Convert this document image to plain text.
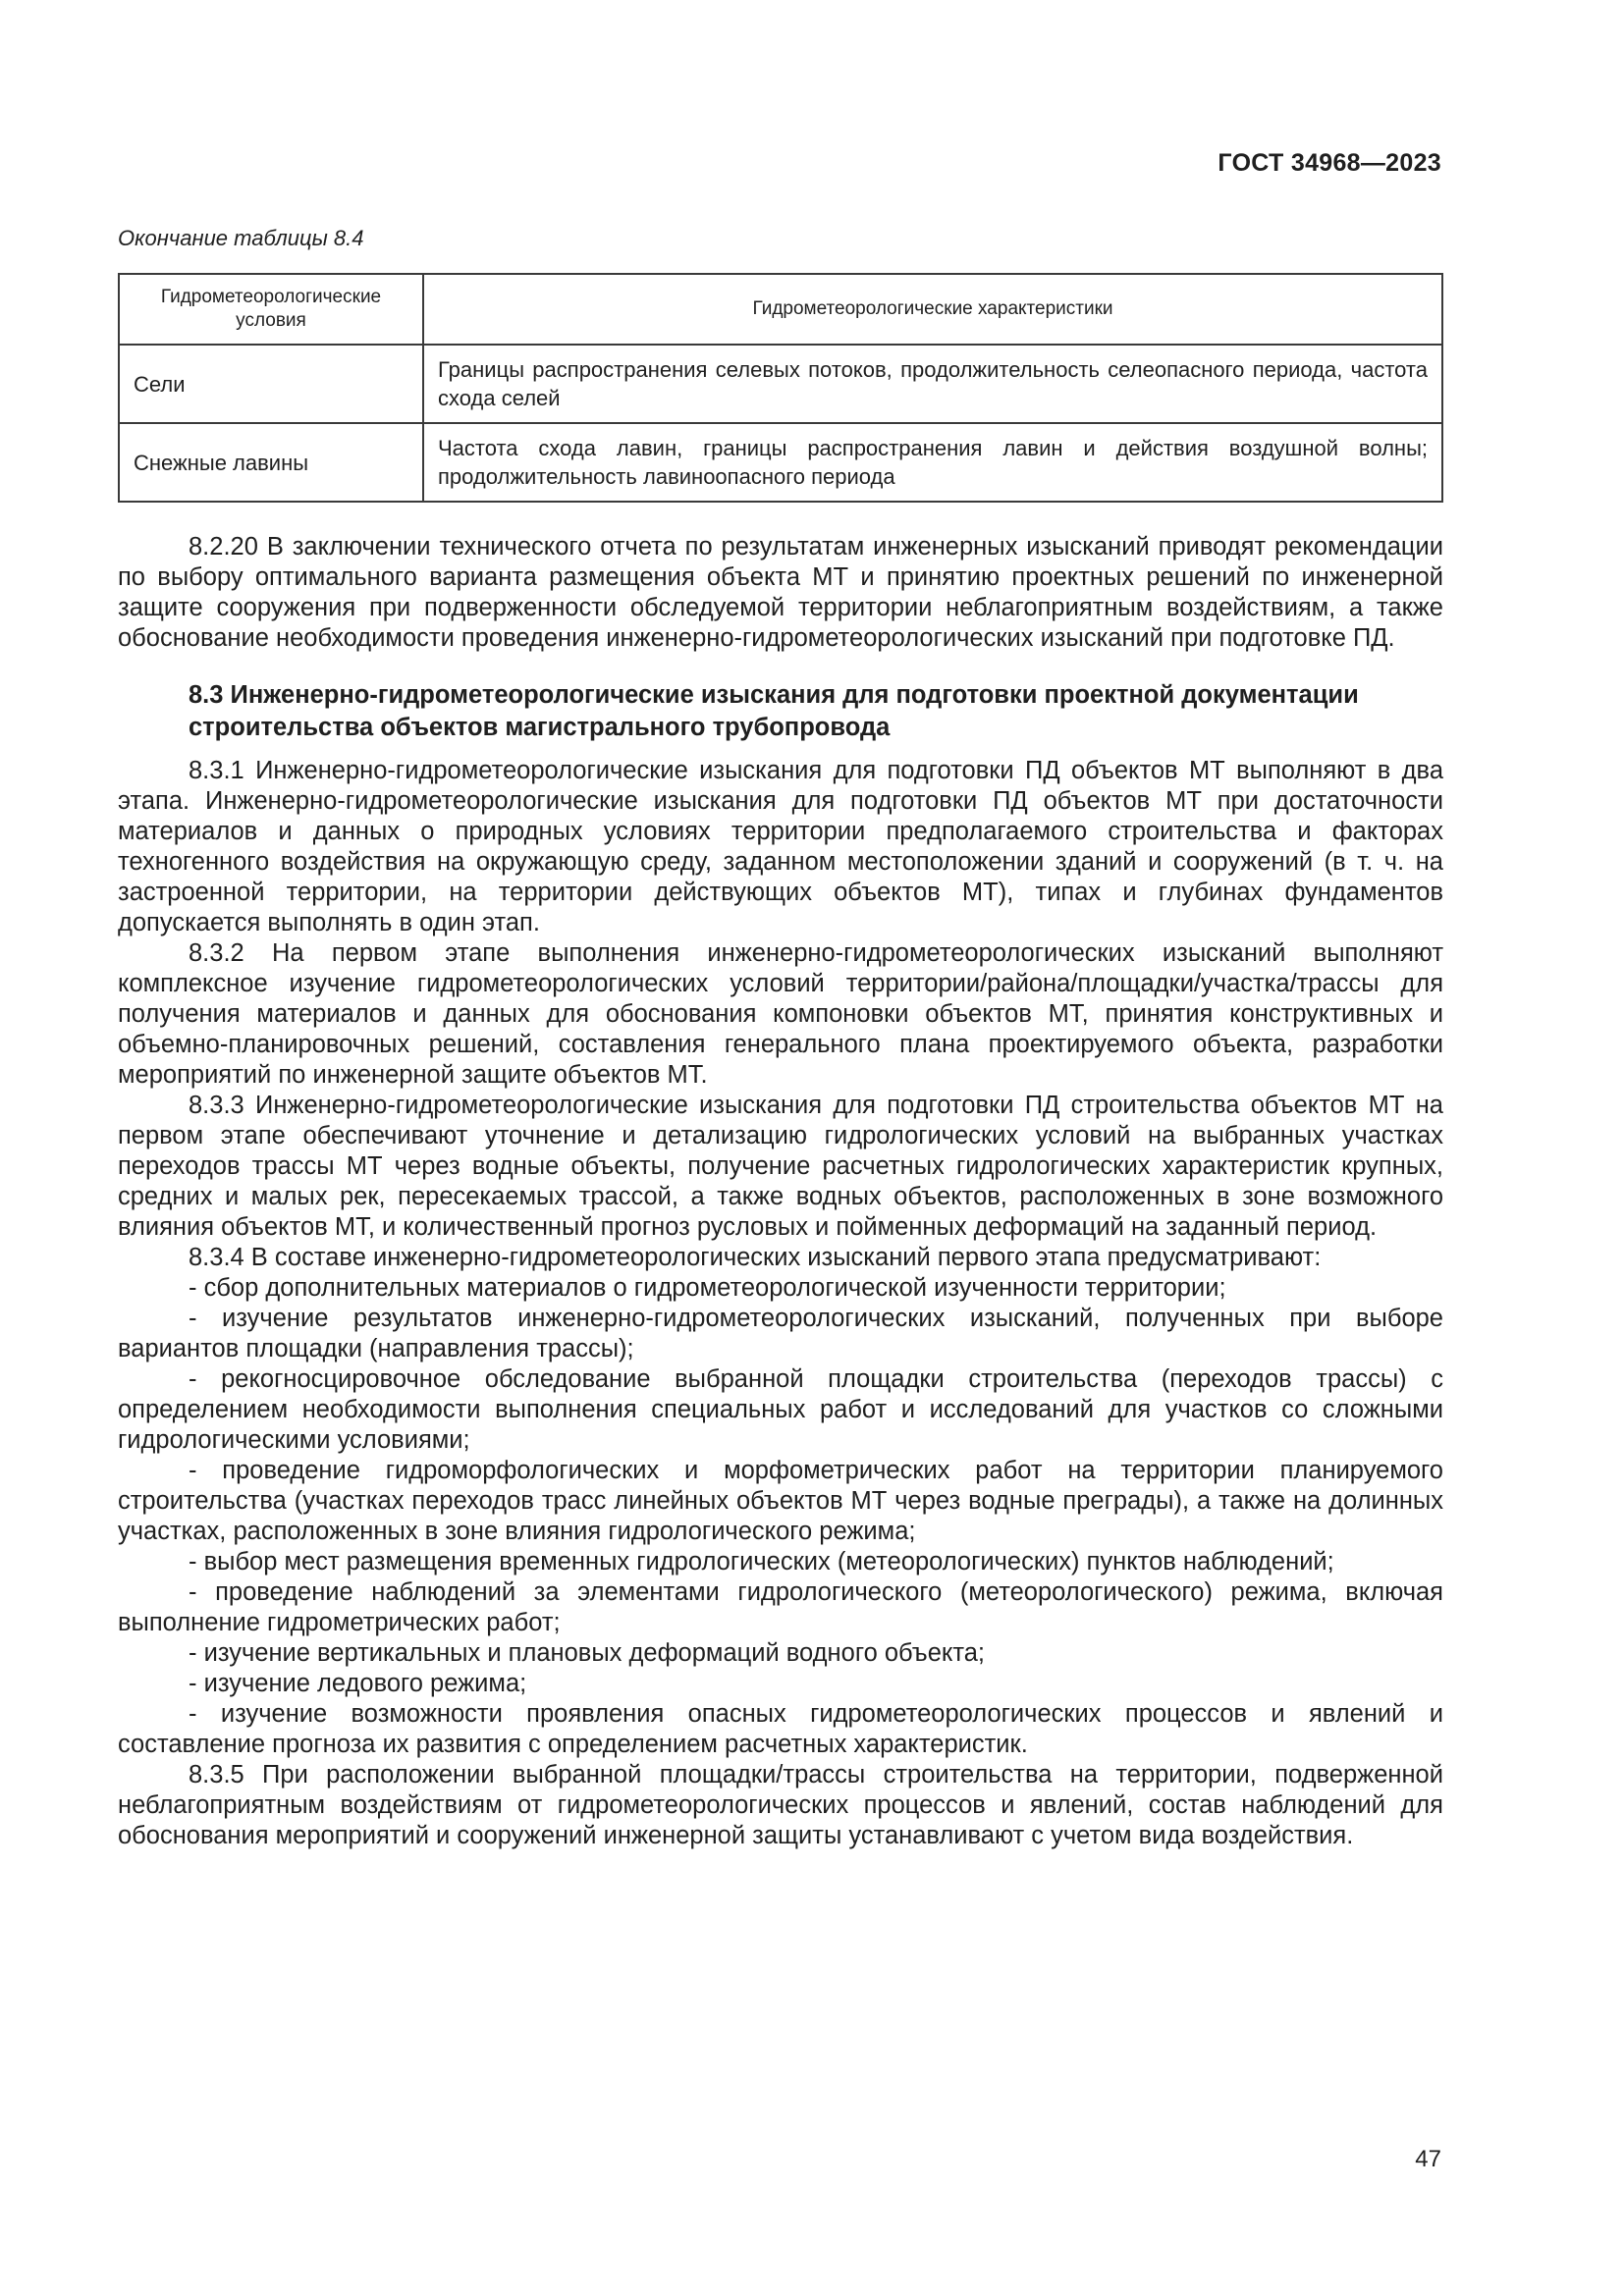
ГОСТ 34968—2023
Окончание таблицы 8.4
Гидрометеорологические условия	Гидрометеорологические характеристики
Сели	Границы распространения селевых потоков, продолжительность селеопасного периода, частота схода селей
Снежные лавины	Частота схода лавин, границы распространения лавин и действия воздушной волны; продолжительность лавиноопасного периода

8.2.20 В заключении технического отчета по результатам инженерных изысканий приводят рекомендации по выбору оптимального варианта размещения объекта МТ и принятию проектных решений по инженерной защите сооружения при подверженности обследуемой территории неблагоприятным воздействиям, а также обоснование необходимости проведения инженерно-гидрометеорологических изысканий при подготовке ПД.

8.3 Инженерно-гидрометеорологические изыскания для подготовки проектной документации строительства объектов магистрального трубопровода

8.3.1 Инженерно-гидрометеорологические изыскания для подготовки ПД объектов МТ выполняют в два этапа. Инженерно-гидрометеорологические изыскания для подготовки ПД объектов МТ при достаточности материалов и данных о природных условиях территории предполагаемого строительства и факторах техногенного воздействия на окружающую среду, заданном местоположении зданий и сооружений (в т. ч. на застроенной территории, на территории действующих объектов МТ), типах и глубинах фундаментов допускается выполнять в один этап.

8.3.2 На первом этапе выполнения инженерно-гидрометеорологических изысканий выполняют комплексное изучение гидрометеорологических условий территории/района/площадки/участка/трассы для получения материалов и данных для обоснования компоновки объектов МТ, принятия конструктивных и объемно-планировочных решений, составления генерального плана проектируемого объекта, разработки мероприятий по инженерной защите объектов МТ.

8.3.3 Инженерно-гидрометеорологические изыскания для подготовки ПД строительства объектов МТ на первом этапе обеспечивают уточнение и детализацию гидрологических условий на выбранных участках переходов трассы МТ через водные объекты, получение расчетных гидрологических характеристик крупных, средних и малых рек, пересекаемых трассой, а также водных объектов, расположенных в зоне возможного влияния объектов МТ, и количественный прогноз русловых и пойменных деформаций на заданный период.

8.3.4 В составе инженерно-гидрометеорологических изысканий первого этапа предусматривают:

- сбор дополнительных материалов о гидрометеорологической изученности территории;

- изучение результатов инженерно-гидрометеорологических изысканий, полученных при выборе вариантов площадки (направления трассы);

- рекогносцировочное обследование выбранной площадки строительства (переходов трассы) с определением необходимости выполнения специальных работ и исследований для участков со сложными гидрологическими условиями;

- проведение гидроморфологических и морфометрических работ на территории планируемого строительства (участках переходов трасс линейных объектов МТ через водные преграды), а также на долинных участках, расположенных в зоне влияния гидрологического режима;

- выбор мест размещения временных гидрологических (метеорологических) пунктов наблюдений;

- проведение наблюдений за элементами гидрологического (метеорологического) режима, включая выполнение гидрометрических работ;

- изучение вертикальных и плановых деформаций водного объекта;

- изучение ледового режима;

- изучение возможности проявления опасных гидрометеорологических процессов и явлений и составление прогноза их развития с определением расчетных характеристик.

8.3.5 При расположении выбранной площадки/трассы строительства на территории, подверженной неблагоприятным воздействиям от гидрометеорологических процессов и явлений, состав наблюдений для обоснования мероприятий и сооружений инженерной защиты устанавливают с учетом вида воздействия.

47
